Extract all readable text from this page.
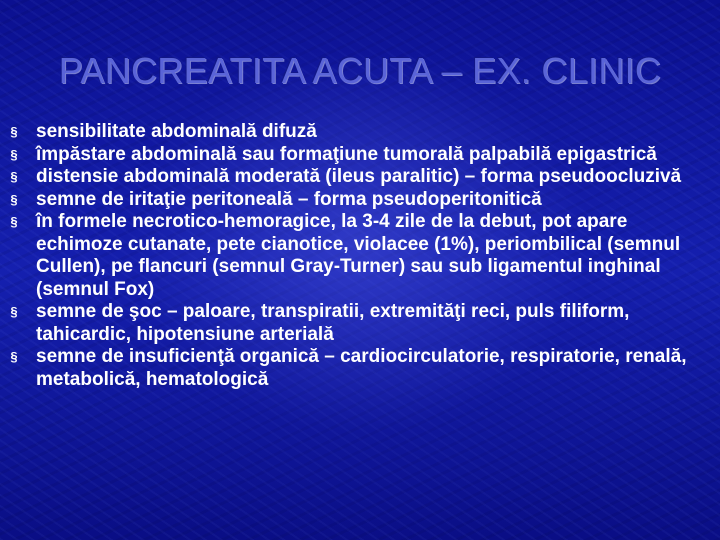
PANCREATITA ACUTA – EX. CLINIC
§ sensibilitate abdominală difuză
§ împăstare abdominală sau formaţiune tumorală palpabilă epigastrică
§ distensie abdominală moderată (ileus paralitic) – forma pseudoocluzivă
§ semne de iritaţie peritoneală – forma pseudoperitonitică
§ în formele necrotico-hemoragice, la 3-4 zile de la debut, pot apare echimoze cutanate, pete cianotice, violacee (1%), periombilical (semnul Cullen), pe flancuri (semnul Gray-Turner) sau sub ligamentul inghinal (semnul Fox)
§ semne de şoc – paloare, transpiratii, extremităţi reci, puls filiform, tahicardic, hipotensiune arterială
§ semne de insuficienţă organică – cardiocirculatorie, respiratorie, renală, metabolică, hematologică
